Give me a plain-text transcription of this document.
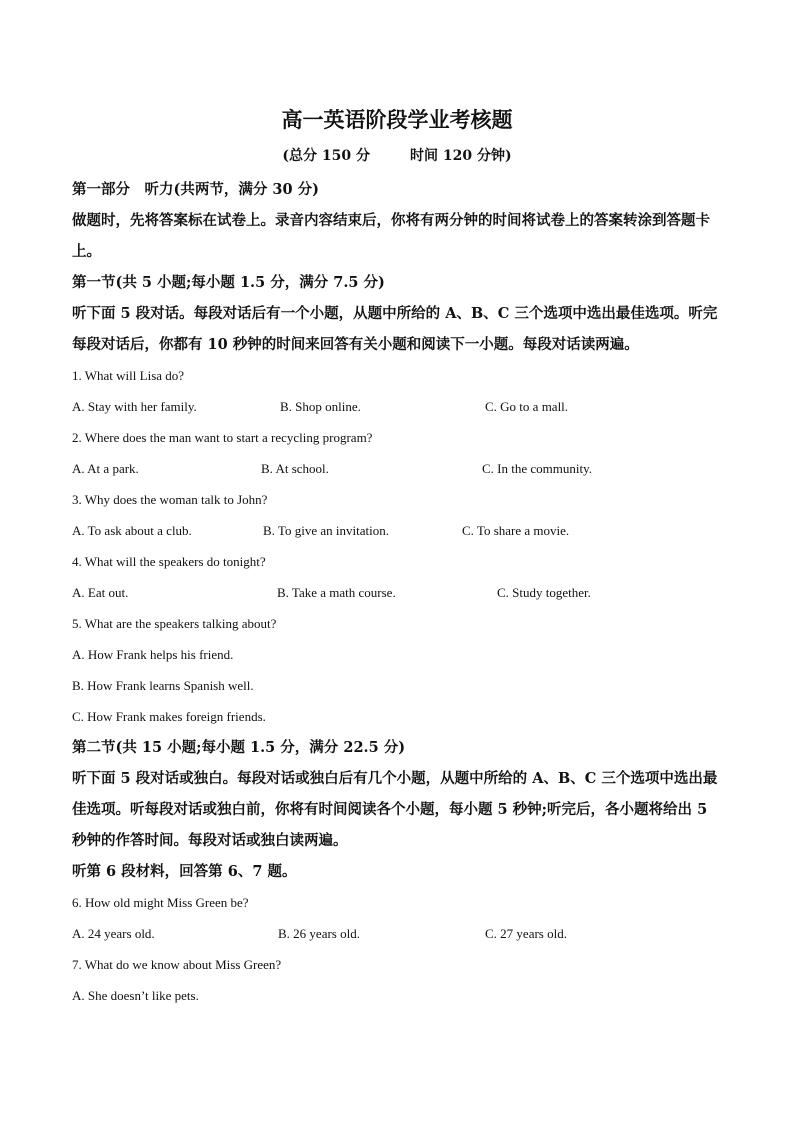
高一英语阶段学业考核题
(总分 150 分	时间 120 分钟)

第一部分　听力(共两节，满分 30 分)

做题时，先将答案标在试卷上。录音内容结束后，你将有两分钟的时间将试卷上的答案转涂到答题卡上。

第一节(共 5 小题;每小题 1.5 分，满分 7.5 分)

听下面 5 段对话。每段对话后有一个小题，从题中所给的 A、B、C 三个选项中选出最佳选项。听完每段对话后，你都有 10 秒钟的时间来回答有关小题和阅读下一小题。每段对话读两遍。

1. What will Lisa do?

A. Stay with her family.	B. Shop online.	C. Go to a mall.

2. Where does the man want to start a recycling program?

A. At a park.	B. At school.	C. In the community.

3. Why does the woman talk to John?

A. To ask about a club.	B. To give an invitation.	C. To share a movie.

4. What will the speakers do tonight?

A. Eat out.	B. Take a math course.	C. Study together.

5. What are the speakers talking about?

A. How Frank helps his friend.

B. How Frank learns Spanish well.

C. How Frank makes foreign friends.

第二节(共 15 小题;每小题 1.5 分，满分 22.5 分)

听下面 5 段对话或独白。每段对话或独白后有几个小题，从题中所给的 A、B、C 三个选项中选出最佳选项。听每段对话或独白前，你将有时间阅读各个小题，每小题 5 秒钟;听完后，各小题将给出 5 秒钟的作答时间。每段对话或独白读两遍。

听第 6 段材料，回答第 6、7 题。

6. How old might Miss Green be?

A. 24 years old.	B. 26 years old.	C. 27 years old.

7. What do we know about Miss Green?

A. She doesn’t like pets.
